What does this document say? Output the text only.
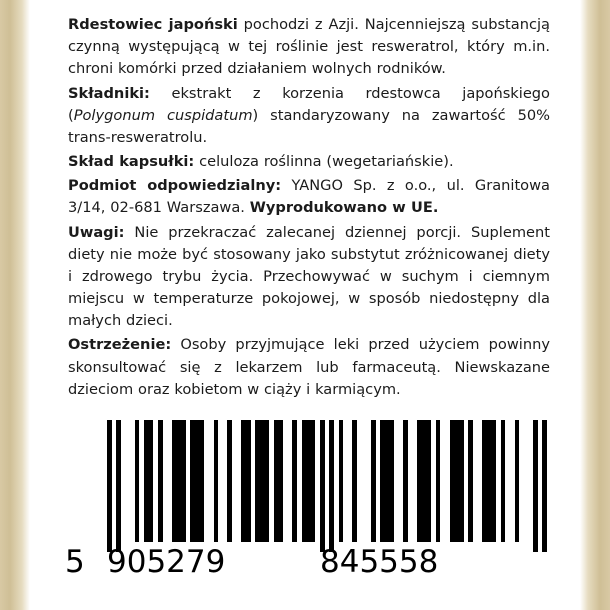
Rdestowiec japoński pochodzi z Azji. Najcenniejszą substancją czynną występującą w tej roślinie jest resweratrol, który m.in. chroni komórki przed działaniem wolnych rodników.

Składniki: ekstrakt z korzenia rdestowca japońskiego (Polygonum cuspidatum) standaryzowany na zawartość 50% trans-resweratrolu.

Skład kapsułki: celuloza roślinna (wegetariańskie).

Podmiot odpowiedzialny: YANGO Sp. z o.o., ul. Granitowa 3/14, 02-681 Warszawa. Wyprodukowano w UE.

Uwagi: Nie przekraczać zalecanej dziennej porcji. Suplement diety nie może być stosowany jako substytut zróżnicowanej diety i zdrowego trybu życia. Przechowywać w suchym i ciemnym miejscu w temperaturze pokojowej, w sposób niedostępny dla małych dzieci.

Ostrzeżenie: Osoby przyjmujące leki przed użyciem powinny skonsultować się z lekarzem lub farmaceutą. Niewskazane dzieciom oraz kobietom w ciąży i karmiącym.

5 905279	845558
